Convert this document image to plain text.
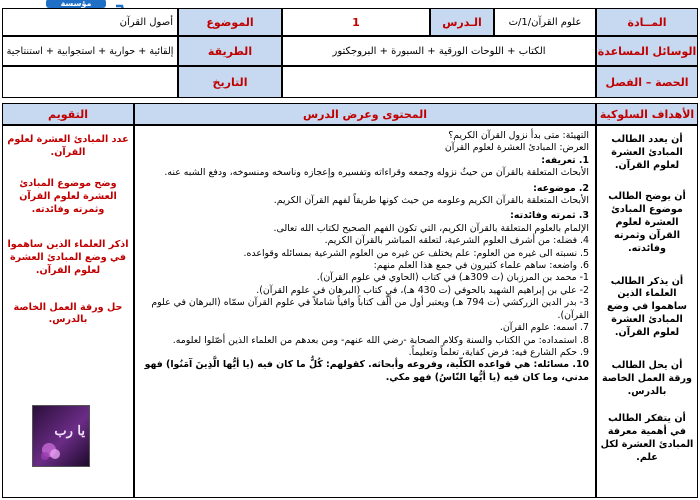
مؤسسة
المــادة
علوم القرآن/1/ت
الـدرس
1
الموضوع
أصول القرآن
الوسائل المساعدة
الكتاب + اللوحات الورقية + السبورة + البروجكتور
الطريقة
إلقائية + حوارية + استجوابية + استنتاجية
الحصة – الفصل
التاريخ
الأهداف السلوكية
المحتوى وعرض الدرس
التقويم

أن يعدد الطالب المبادئ العشرة لعلوم القرآن.

أن يوضح الطالب موضوع المبادئ العشرة لعلوم القرآن وثمرته وفائدته.

أن يذكر الطالب العلماء الذين ساهموا في وضع المبادئ العشرة لعلوم القرآن.

أن يحل الطالب ورقة العمل الخاصة بالدرس.

أن يتفكر الطالب في أهمية معرفة المبادئ العشرة لكل علم.

التهيئة: متى بدأ نزول القرآن الكريم؟

العرض: المبادئ العشرة لعلوم القرآن

1. تعريفه:

الأبحاث المتعلقة بالقرآن من حيثُ نزوله وجمعه وقراءاته وتفسيره وإعجازه وناسخه ومنسوخه، ودفع الشبه عنه.

2. موضوعه:

الأبحاث المتعلقة بالقرآن الكريم وعلومه من حيث كونها طريقاً لفهم القرآن الكريم.

3. ثمرته وفائدته:

الإلمام بالعلوم المتعلقة بالقرآن الكريم، التي تكون الفهم الصحيح لكتاب الله تعالى.

4. فضله: من أشرف العلوم الشرعية، لتعلقه المباشر بالقرآن الكريم.

5. نسبته الى غيره من العلوم: علم يختلف عن غيره من العلوم الشرعية بمسائله وقواعده.

6. واضعه: ساهم علماء كثيرون في جمع هذا العلم منهم:

1- محمد بن المرزبان (ت 309هـ) في كتاب (الحاوي في علوم القرآن).

2- علي بن إبراهيم الشهيد بالحوفي (ت 430 هـ)، في كتاب (البرهان في علوم القرآن).

3- بدر الدين الزركشي (ت 794 هـ) ويعتبر أول من ألّف كتاباً وافياً شاملاً في علوم القرآن سمّاه (البرهان في علوم القرآن).

7. اسمه: علوم القرآن.

8. استمداده: من الكتاب والسنة وكلام الصحابة -رضي الله عنهم- ومن بعدهم من العلماء الذين أصّلوا لعلومه.

9. حكم الشارع فيه: فرض كفاية، تعلماً وتعليماً.

10. مسائله: هي قواعده الكلّية، وفروعه وأبحاثه. كقولهم: كُلُّ ما كان فيه (يا أيُّها الَّذِينَ آمَنُوا) فهو مدني، وما كان فيه (يا أيُّها النّاسُ) فهو مكي.

عدد المبادئ العشرة لعلوم القرآن.

وضح موضوع المبادئ العشرة لعلوم القرآن وثمرته وفائدته.

اذكر العلماء الذين ساهموا في وضع المبادئ العشرة لعلوم القرآن.

حل ورقة العمل الخاصة بالدرس.

يا رب
